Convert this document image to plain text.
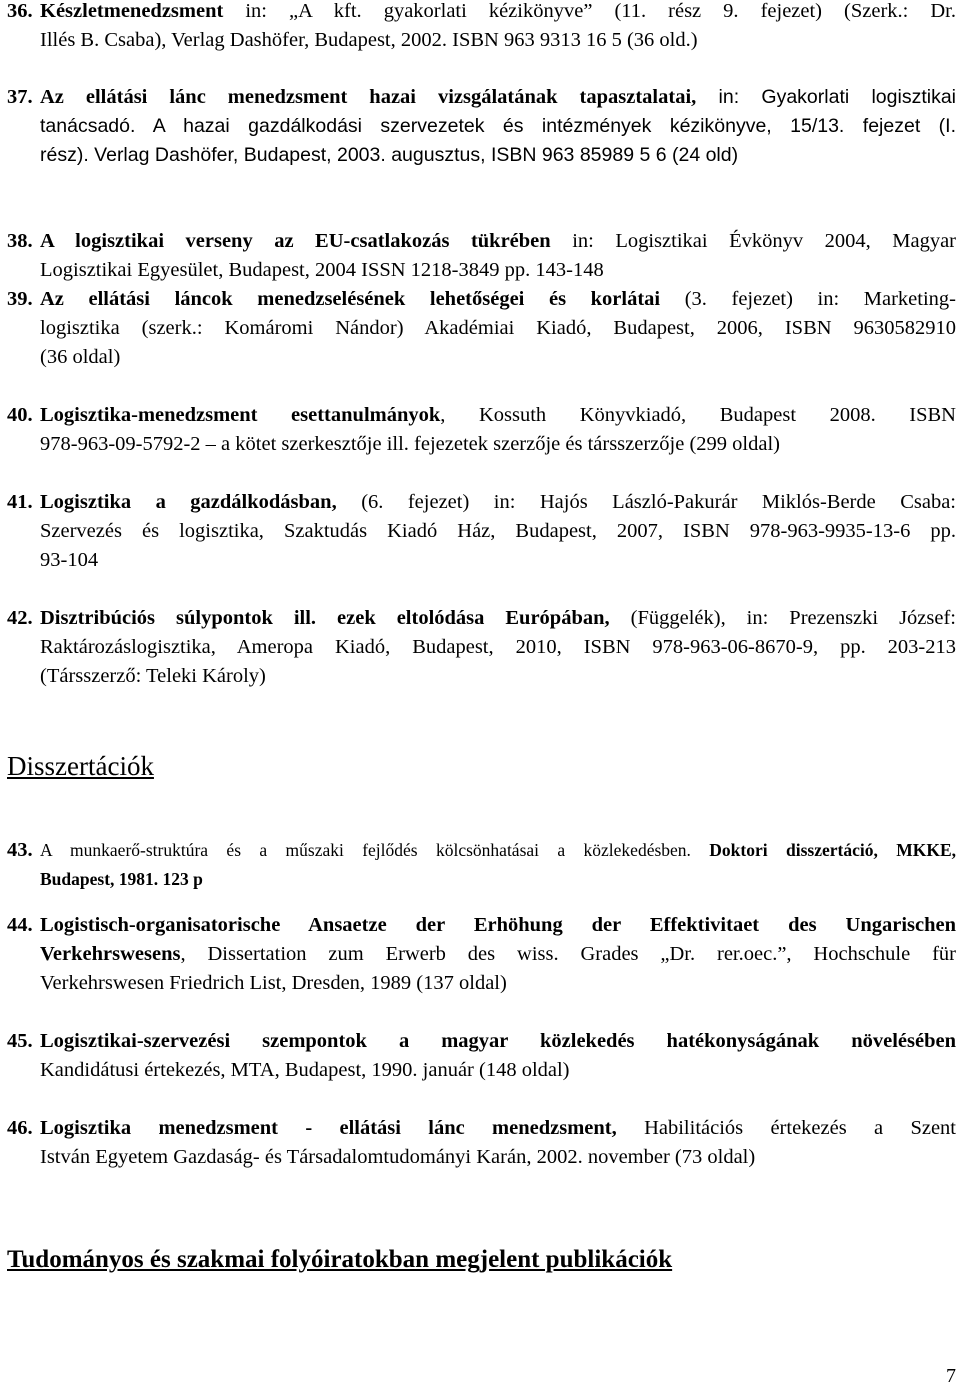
36. Készletmenedzsment in: „A kft. gyakorlati kézikönyve” (11. rész 9. fejezet) (Szerk.: Dr.
Illés B. Csaba), Verlag Dashöfer, Budapest, 2002. ISBN 963 9313 16 5 (36 old.)
37. Az ellátási lánc menedzsment hazai vizsgálatának tapasztalatai, in: Gyakorlati logisztikai
tanácsadó. A hazai gazdálkodási szervezetek és intézmények kézikönyve, 15/13. fejezet (I.
rész). Verlag Dashöfer, Budapest, 2003. augusztus, ISBN 963 85989 5 6 (24 old)
38. A logisztikai verseny az EU-csatlakozás tükrében in: Logisztikai Évkönyv 2004, Magyar
Logisztikai Egyesület, Budapest, 2004 ISSN 1218-3849 pp. 143-148
39. Az ellátási láncok menedzselésének lehetőségei és korlátai (3. fejezet) in: Marketing-
logisztika (szerk.: Komáromi Nándor) Akadémiai Kiadó, Budapest, 2006, ISBN 9630582910
(36 oldal)
40. Logisztika-menedzsment esettanulmányok, Kossuth Könyvkiadó, Budapest 2008. ISBN
978-963-09-5792-2 – a kötet szerkesztője ill. fejezetek szerzője és társszerzője (299 oldal)
41. Logisztika a gazdálkodásban, (6. fejezet) in: Hajós László-Pakurár Miklós-Berde Csaba:
Szervezés és logisztika, Szaktudás Kiadó Ház, Budapest, 2007, ISBN 978-963-9935-13-6 pp.
93-104
42. Disztribúciós súlypontok ill. ezek eltolódása Európában, (Függelék), in: Prezenszki József:
Raktározáslogisztika, Ameropa Kiadó, Budapest, 2010, ISBN 978-963-06-8670-9, pp. 203-213
(Társszerző: Teleki Károly)
Disszertációk
43. A munkaerő-struktúra és a műszaki fejlődés kölcsönhatásai a közlekedésben. Doktori disszertáció, MKKE,
Budapest, 1981. 123 p
44. Logistisch-organisatorische Ansaetze der Erhöhung der Effektivitaet des Ungarischen
Verkehrswesens, Dissertation zum Erwerb des wiss. Grades „Dr. rer.oec.”, Hochschule für
Verkehrswesen Friedrich List, Dresden, 1989 (137 oldal)
45. Logisztikai-szervezési szempontok a magyar közlekedés hatékonyságának növelésében
Kandidátusi értekezés, MTA, Budapest, 1990. január (148 oldal)
46. Logisztika menedzsment - ellátási lánc menedzsment, Habilitációs értekezés a Szent
István Egyetem Gazdaság- és Társadalomtudományi Karán, 2002. november (73 oldal)
Tudományos és szakmai folyóiratokban megjelent publikációk
7
